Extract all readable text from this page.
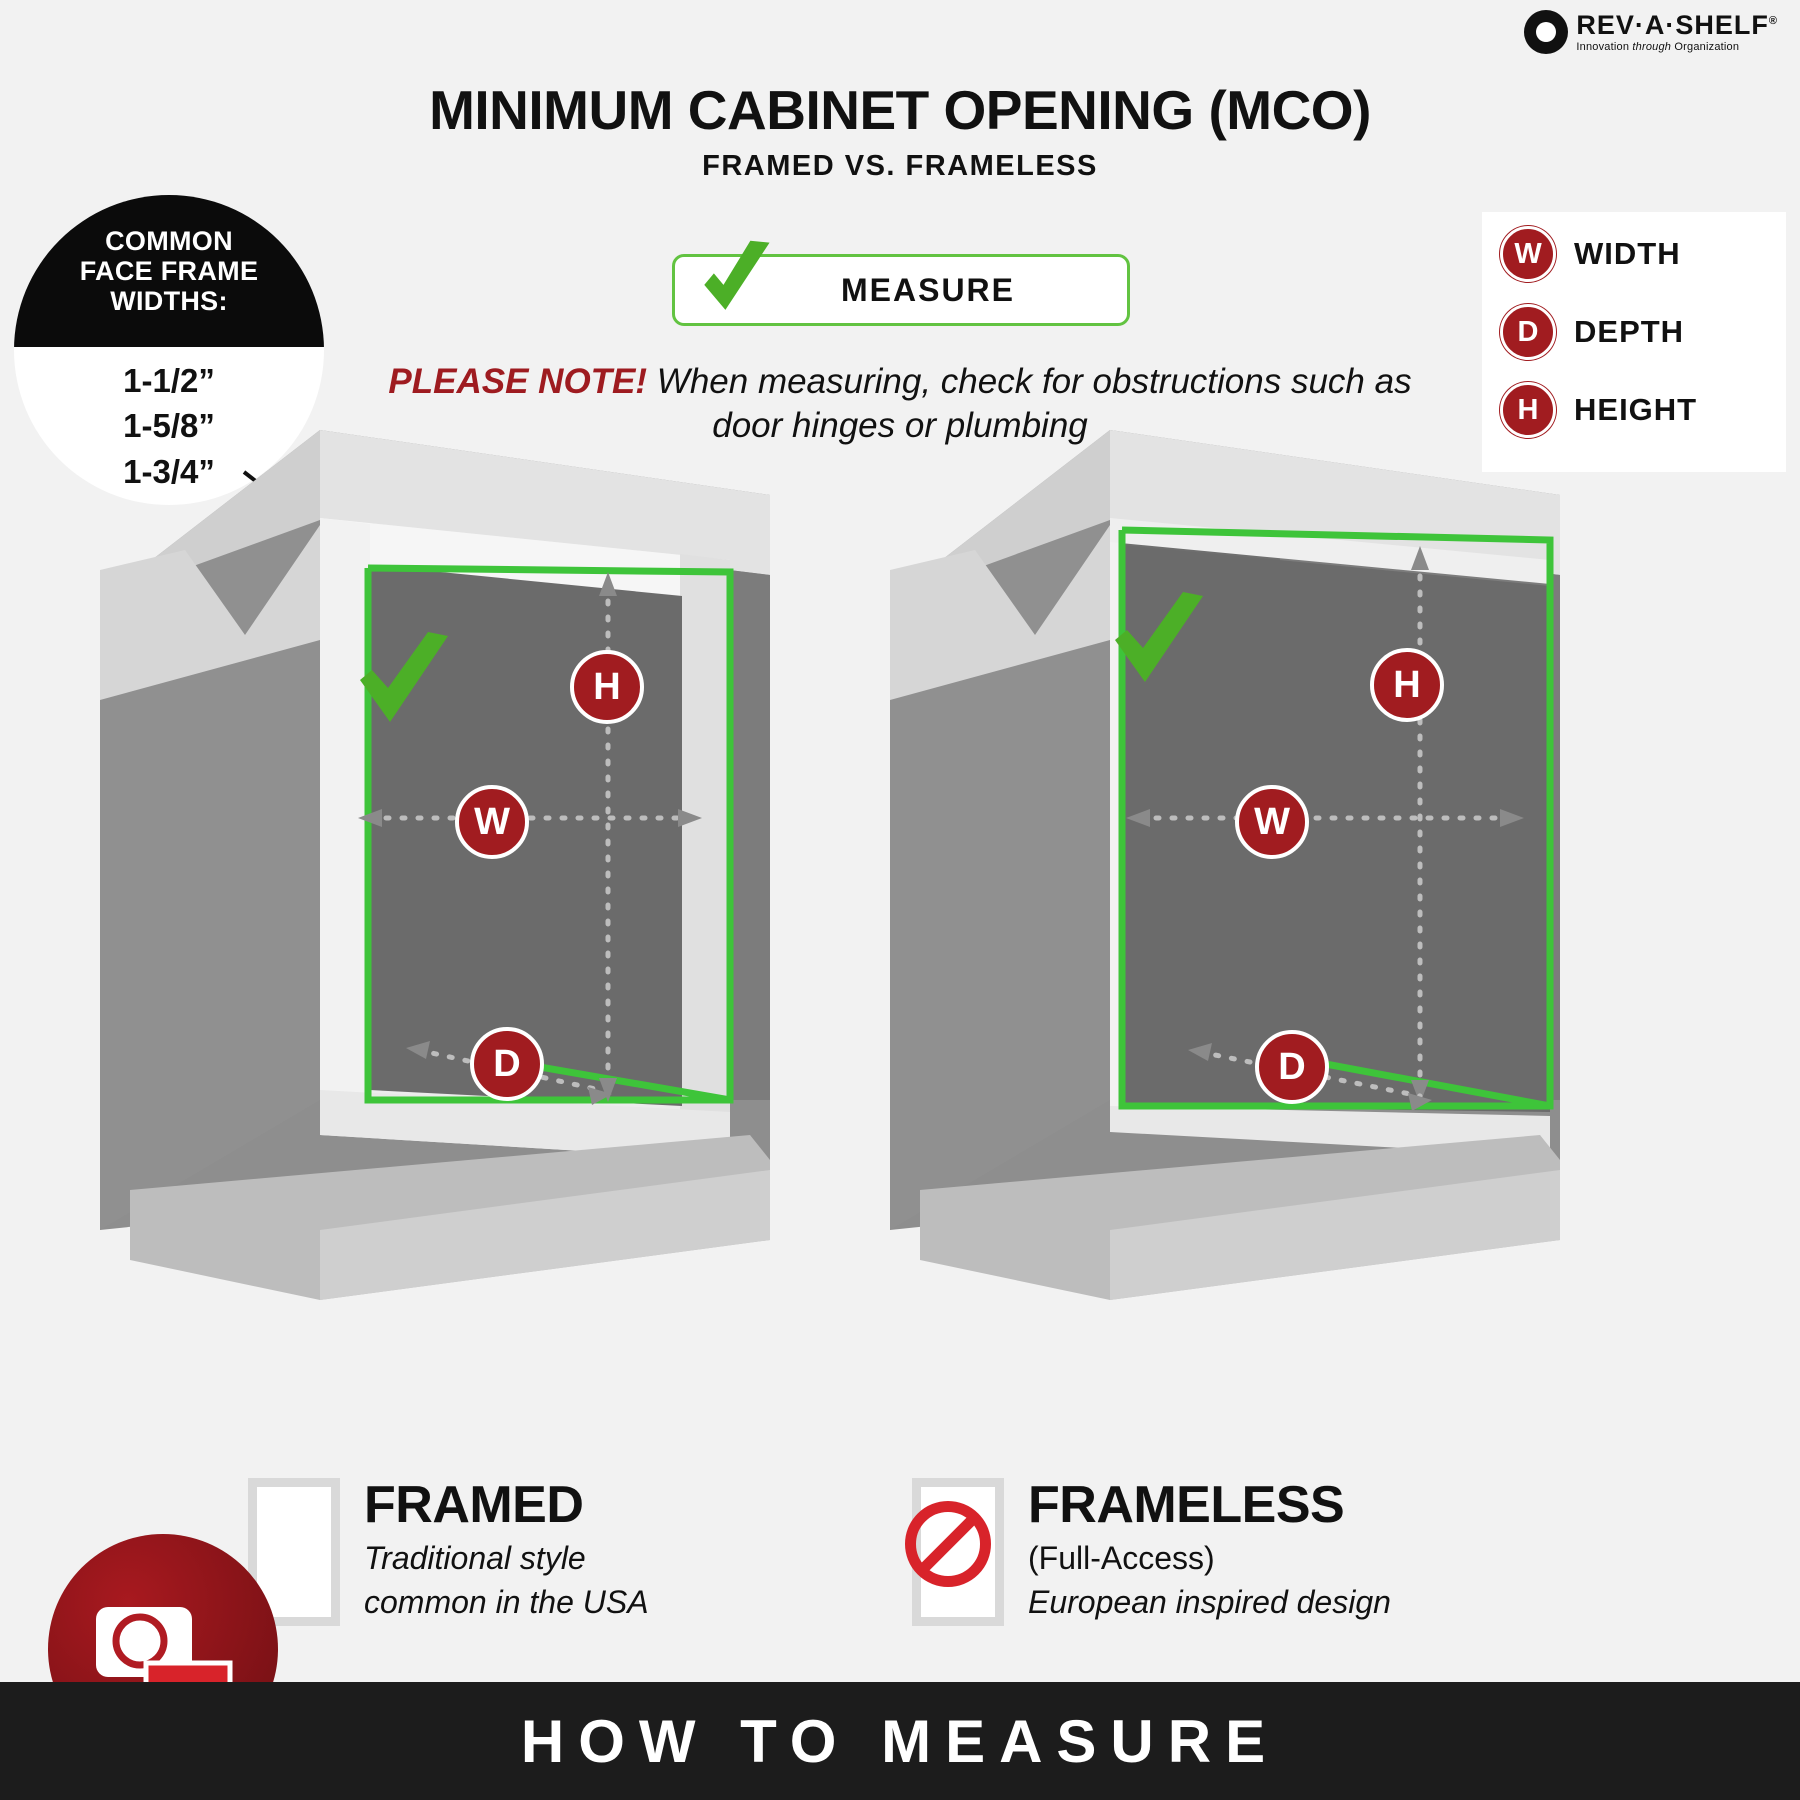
REV·A·SHELF®
Innovation through Organization
MINIMUM CABINET OPENING (MCO)
FRAMED VS. FRAMELESS
MEASURE
PLEASE NOTE! When measuring, check for obstructions such as door hinges or plumbing
COMMON
FACE FRAME
WIDTHS:
1-1/2”
1-5/8”
1-3/4”
W	WIDTH
D	DEPTH
H	HEIGHT
H
W
D
H
W
D
FRAMED
Traditional style
common in the USA
FRAMELESS
(Full-Access)
European inspired design
HOW TO MEASURE
